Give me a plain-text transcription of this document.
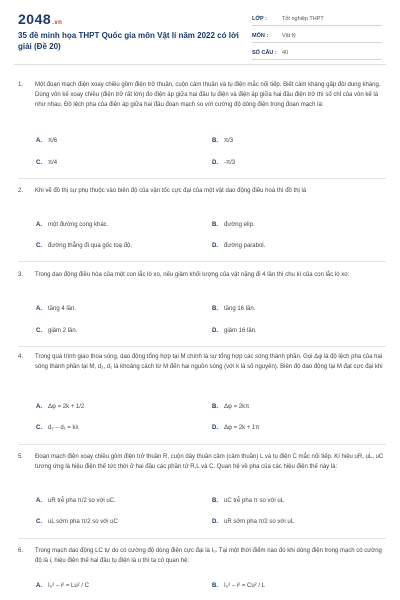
2048.vn
35 đề minh họa THPT Quốc gia môn Vật lí năm 2022 có lời giải (Đề 20)
LỚP :	Tốt nghiệp THPT
MÔN :	Vật lý
SỐ CÂU : 40
1.	Một đoạn mạch điện xoay chiều gồm điện trở thuần, cuộn cảm thuần và tụ điện mắc nối tiếp. Biết cảm kháng gấp đôi dung kháng. Dùng vôn kế xoay chiều (điện trở rất lớn) đo điện áp giữa hai đầu tụ điện và điện áp giữa hai đầu điện trở thì số chỉ của vôn kế là như nhau. Độ lệch pha của điện áp giữa hai đầu đoạn mạch so với cường độ dòng điện trong đoạn mạch là:
A. π/6	B. π/3
C. π/4	D. -π/3
2.	Khi vẽ đồ thị sự phụ thuộc vào biên độ của vận tốc cực đại của một vật dao động điều hoà thì đồ thị là
A. một đường cong khác.	B. đường elip.
C. đường thẳng đi qua gốc toạ độ.	D. đường parabol.
3.	Trong dao động điều hòa của một con lắc lò xo, nếu giảm khối lượng của vật nặng đi 4 lần thì chu kì của con lắc lò xo:
A. tăng 4 lần.	B. tăng 16 lần.
C. giảm 2 lần.	D. giảm 16 lần.
4.	Trong quá trình giao thoa sóng, dao động tổng hợp tại M chính là sự tổng hợp các sóng thành phần. Gọi Δφ là độ lệch pha của hai sóng thành phần tại M, d₂, d₁ là khoảng cách từ M đến hai nguồn sóng (với k là số nguyên). Biên độ dao động tại M đạt cực đại khi
A. Δφ = 2k + 1/2	B. Δφ = 2kπ
C. d₂ – d₁ = kλ	D. Δφ = 2k + 1π
5.	Đoạn mạch điện xoay chiều gồm điện trở thuần R, cuộn dây thuần cảm (cảm thuần) L và tụ điện C mắc nối tiếp. Kí hiệu uR, uL, uC tương ứng là hiệu điện thế tức thời ở hai đầu các phần tử R,L và C. Quan hệ về pha của các hiệu điện thế này là:
A. uR trễ pha π/2 so với uC.	B. uC trễ pha π so với uL
C. uL sớm pha π/2 so với uC	D. uR sớm pha π/2 so với uL
6.	Trong mạch dao động LC tự do có cường độ dòng điện cực đại là I₀. Tại một thời điểm nào đó khi dòng điện trong mạch có cường độ là i, hiệu điện thế hai đầu tụ điện là u thì ta có quan hệ:
A. I₀² – i² = Lu² / C	B. I₀² – i² = Cu² / L
